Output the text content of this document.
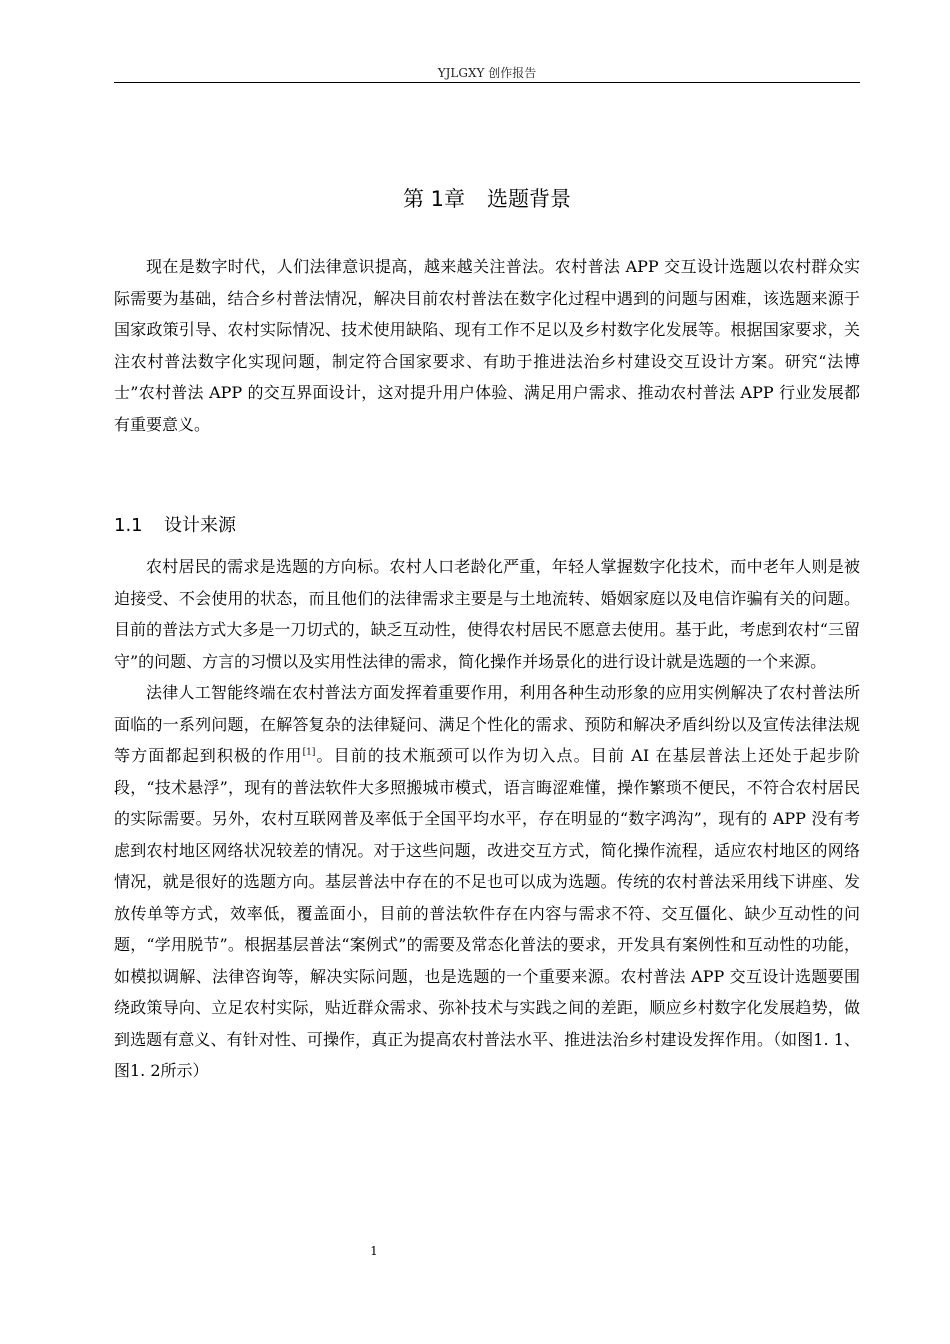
YJLGXY 创作报告
第 1章 选题背景

现在是数字时代，人们法律意识提高，越来越关注普法。农村普法 APP 交互设计选题以农村群众实际需要为基础，结合乡村普法情况，解决目前农村普法在数字化过程中遇到的问题与困难，该选题来源于国家政策引导、农村实际情况、技术使用缺陷、现有工作不足以及乡村数字化发展等。根据国家要求，关注农村普法数字化实现问题，制定符合国家要求、有助于推进法治乡村建设交互设计方案。研究“法博士”农村普法 APP 的交互界面设计，这对提升用户体验、满足用户需求、推动农村普法 APP 行业发展都有重要意义。

1.1 设计来源

农村居民的需求是选题的方向标。农村人口老龄化严重，年轻人掌握数字化技术，而中老年人则是被迫接受、不会使用的状态，而且他们的法律需求主要是与土地流转、婚姻家庭以及电信诈骗有关的问题。目前的普法方式大多是一刀切式的，缺乏互动性，使得农村居民不愿意去使用。基于此，考虑到农村“三留守”的问题、方言的习惯以及实用性法律的需求，简化操作并场景化的进行设计就是选题的一个来源。

法律人工智能终端在农村普法方面发挥着重要作用，利用各种生动形象的应用实例解决了农村普法所面临的一系列问题，在解答复杂的法律疑问、满足个性化的需求、预防和解决矛盾纠纷以及宣传法律法规等方面都起到积极的作用[1]。目前的技术瓶颈可以作为切入点。目前 AI 在基层普法上还处于起步阶段，“技术悬浮”，现有的普法软件大多照搬城市模式，语言晦涩难懂，操作繁琐不便民，不符合农村居民的实际需要。另外，农村互联网普及率低于全国平均水平，存在明显的“数字鸿沟”，现有的 APP 没有考虑到农村地区网络状况较差的情况。对于这些问题，改进交互方式，简化操作流程，适应农村地区的网络情况，就是很好的选题方向。基层普法中存在的不足也可以成为选题。传统的农村普法采用线下讲座、发放传单等方式，效率低，覆盖面小，目前的普法软件存在内容与需求不符、交互僵化、缺少互动性的问题，“学用脱节”。根据基层普法“案例式”的需要及常态化普法的要求，开发具有案例性和互动性的功能，如模拟调解、法律咨询等，解决实际问题，也是选题的一个重要来源。农村普法 APP 交互设计选题要围绕政策导向、立足农村实际，贴近群众需求、弥补技术与实践之间的差距，顺应乡村数字化发展趋势，做到选题有意义、有针对性、可操作，真正为提高农村普法水平、推进法治乡村建设发挥作用。（如图1. 1、图1. 2所示）

1
